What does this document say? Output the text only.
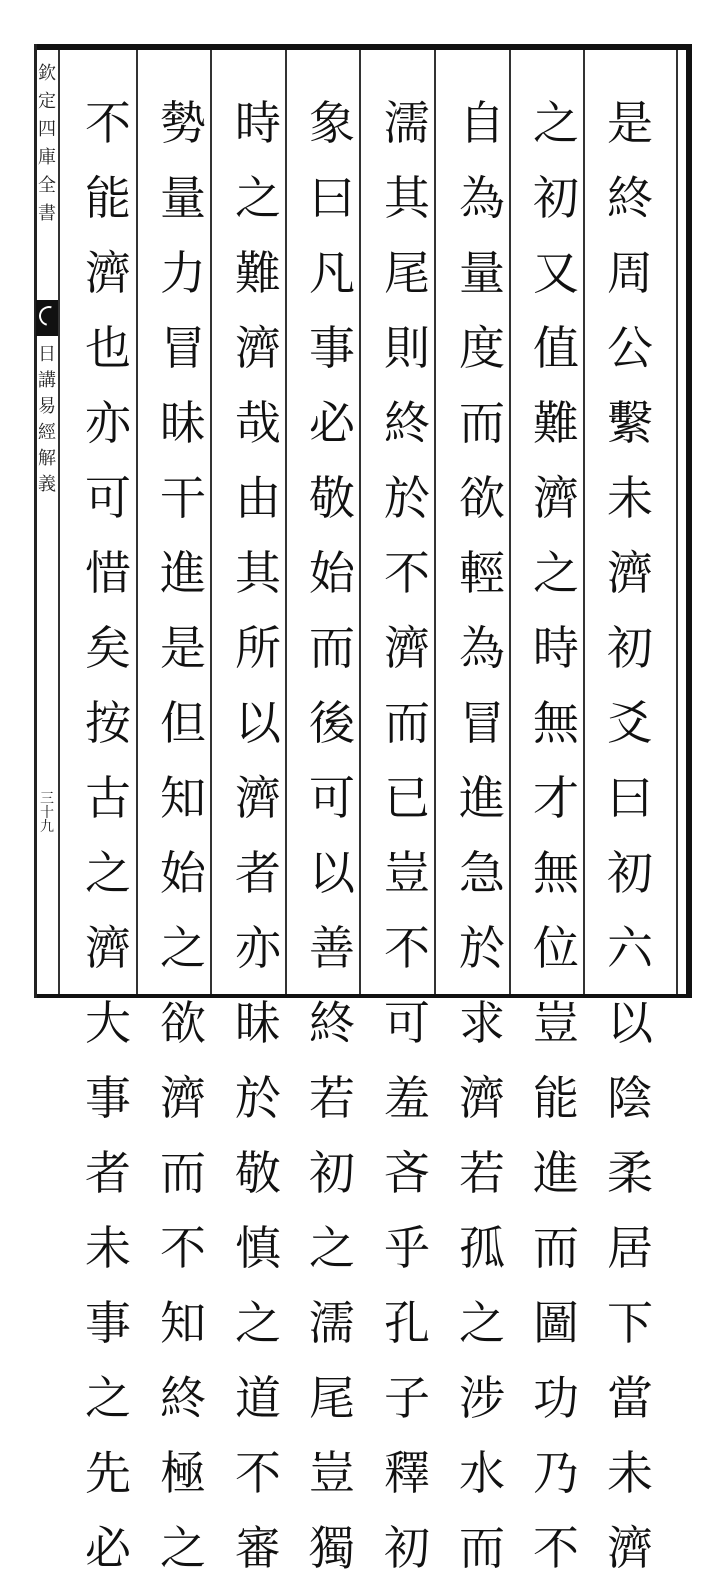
欽
定
四
庫
全
書
日
講
易
經
解
義
三
十
九
是
終
周
公
繫
未
濟
初
爻
曰
初
六
以
陰
柔
居
下
當
未
濟
之
初
又
值
難
濟
之
時
無
才
無
位
豈
能
進
而
圖
功
乃
不
自
為
量
度
而
欲
輕
為
冒
進
急
於
求
濟
若
孤
之
涉
水
而
濡
其
尾
則
終
於
不
濟
而
已
豈
不
可
羞
吝
乎
孔
子
釋
初
象
曰
凡
事
必
敬
始
而
後
可
以
善
終
若
初
之
濡
尾
豈
獨
時
之
難
濟
哉
由
其
所
以
濟
者
亦
昧
於
敬
慎
之
道
不
審
勢
量
力
冒
昧
干
進
是
但
知
始
之
欲
濟
而
不
知
終
極
之
不
能
濟
也
亦
可
惜
矣
按
古
之
濟
大
事
者
未
事
之
先
必
